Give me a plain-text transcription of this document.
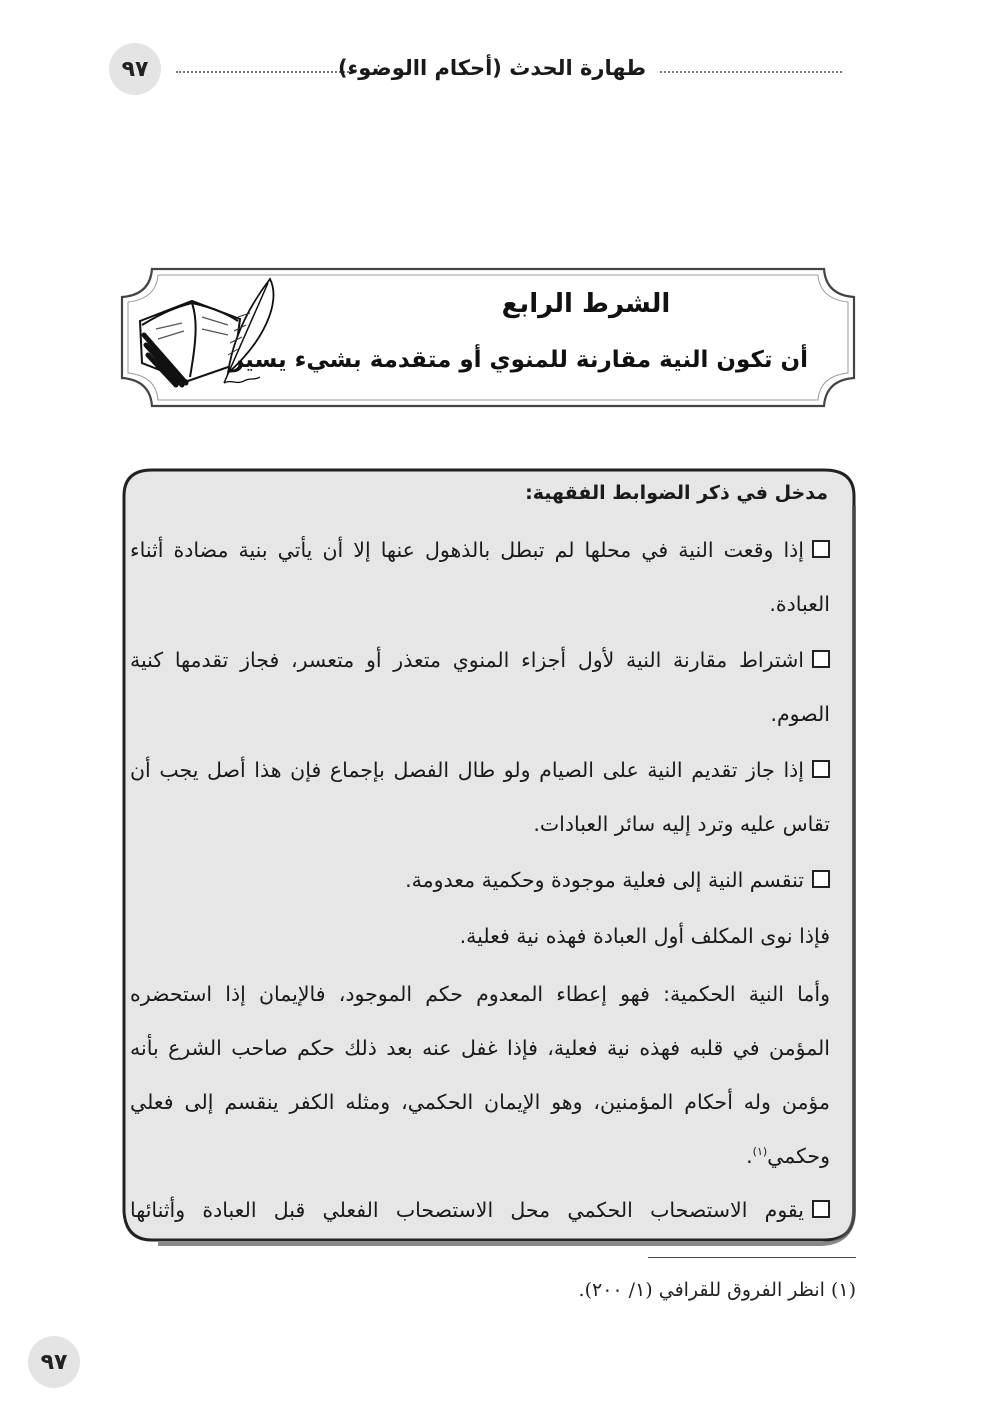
٩٧	طهارة الحدث (أحكام االوضوء)
الشرط الرابع
أن تكون النية مقارنة للمنوي أو متقدمة بشيء يسير
مدخل في ذكر الضوابط الفقهية:
إذا وقعت النية في محلها لم تبطل بالذهول عنها إلا أن يأتي بنية مضادة أثناء
العبادة.
اشتراط مقارنة النية لأول أجزاء المنوي متعذر أو متعسر، فجاز تقدمها كنية
الصوم.
إذا جاز تقديم النية على الصيام ولو طال الفصل بإجماع فإن هذا أصل يجب أن
تقاس عليه وترد إليه سائر العبادات.
تنقسم النية إلى فعلية موجودة وحكمية معدومة.
فإذا نوى المكلف أول العبادة فهذه نية فعلية.
وأما النية الحكمية: فهو إعطاء المعدوم حكم الموجود، فالإيمان إذا استحضره
المؤمن في قلبه فهذه نية فعلية، فإذا غفل عنه بعد ذلك حكم صاحب الشرع بأنه
مؤمن وله أحكام المؤمنين، وهو الإيمان الحكمي، ومثله الكفر ينقسم إلى فعلي
وحكمي$^{(١)}$.
يقوم الاستصحاب الحكمي محل الاستصحاب الفعلي قبل العبادة وأثنائها
(١) انظر الفروق للقرافي (١/ ٢٠٠).
٩٧
